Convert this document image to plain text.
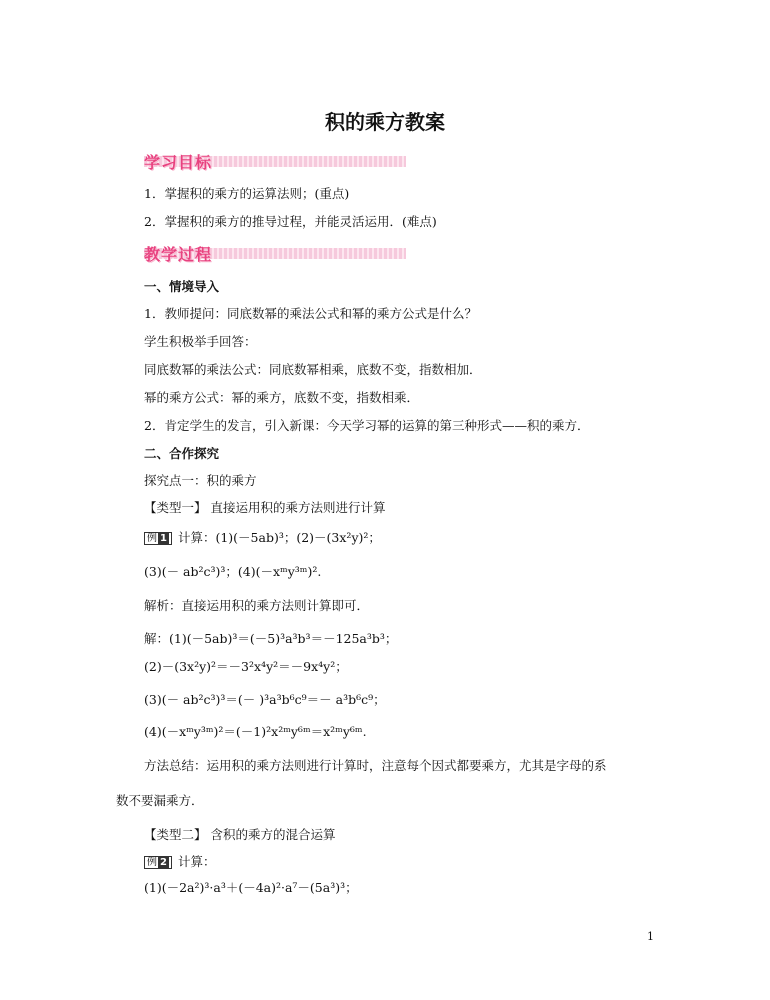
积的乘方教案
学习目标
1．掌握积的乘方的运算法则；(重点)
2．掌握积的乘方的推导过程，并能灵活运用．(难点)
教学过程
一、情境导入
1．教师提问：同底数幂的乘法公式和幂的乘方公式是什么？
学生积极举手回答：
同底数幂的乘法公式：同底数幂相乘，底数不变，指数相加．
幂的乘方公式：幂的乘方，底数不变，指数相乘．
2．肯定学生的发言，引入新课：今天学习幂的运算的第三种形式——积的乘方．
二、合作探究
探究点一：积的乘方
【类型一】 直接运用积的乘方法则进行计算
例 1 计算：(1)(－5ab)³；(2)－(3x²y)²；
(3)(－ ab²c³)³；(4)(－xᵐy³ᵐ)².
解析：直接运用积的乘方法则计算即可．
解：(1)(－5ab)³＝(－5)³a³b³＝－125a³b³；
(2)－(3x²y)²＝－3²x⁴y²＝－9x⁴y²；
(3)(－ ab²c³)³＝(－ )³a³b⁶c⁹＝－ a³b⁶c⁹；
(4)(－xᵐy³ᵐ)²＝(－1)²x²ᵐy⁶ᵐ＝x²ᵐy⁶ᵐ.
方法总结：运用积的乘方法则进行计算时，注意每个因式都要乘方，尤其是字母的系
数不要漏乘方．
【类型二】 含积的乘方的混合运算
例 2 计算：
(1)(－2a²)³·a³＋(－4a)²·a⁷－(5a³)³；
1
